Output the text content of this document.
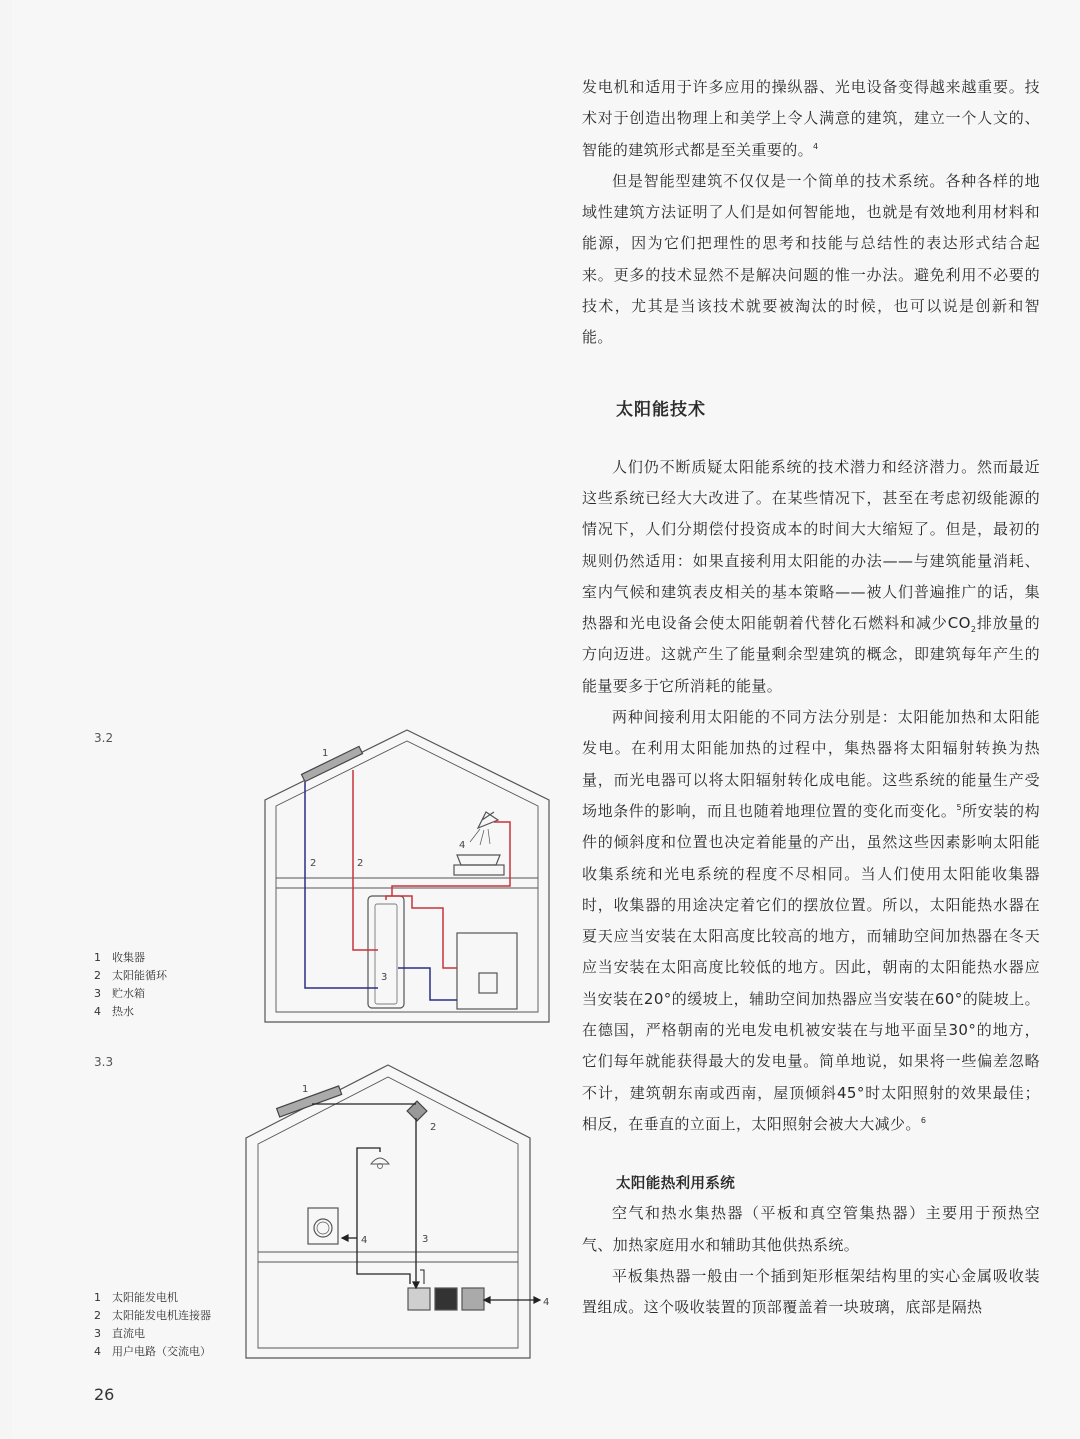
发电机和适用于许多应用的操纵器、光电设备变得越来越重要。技术对于创造出物理上和美学上令人满意的建筑，建立一个人文的、智能的建筑形式都是至关重要的。$^4$

但是智能型建筑不仅仅是一个简单的技术系统。各种各样的地域性建筑方法证明了人们是如何智能地，也就是有效地利用材料和能源，因为它们把理性的思考和技能与总结性的表达形式结合起来。更多的技术显然不是解决问题的惟一办法。避免利用不必要的技术，尤其是当该技术就要被淘汰的时候，也可以说是创新和智能。

太阳能技术

人们仍不断质疑太阳能系统的技术潜力和经济潜力。然而最近这些系统已经大大改进了。在某些情况下，甚至在考虑初级能源的情况下，人们分期偿付投资成本的时间大大缩短了。但是，最初的规则仍然适用：如果直接利用太阳能的办法——与建筑能量消耗、室内气候和建筑表皮相关的基本策略——被人们普遍推广的话，集热器和光电设备会使太阳能朝着代替化石燃料和减少$CO_2$排放量的方向迈进。这就产生了能量剩余型建筑的概念，即建筑每年产生的能量要多于它所消耗的能量。

两种间接利用太阳能的不同方法分别是：太阳能加热和太阳能发电。在利用太阳能加热的过程中，集热器将太阳辐射转换为热量，而光电器可以将太阳辐射转化成电能。这些系统的能量生产受场地条件的影响，而且也随着地理位置的变化而变化。$^5$所安装的构件的倾斜度和位置也决定着能量的产出，虽然这些因素影响太阳能收集系统和光电系统的程度不尽相同。当人们使用太阳能收集器时，收集器的用途决定着它们的摆放位置。所以，太阳能热水器在夏天应当安装在太阳高度比较高的地方，而辅助空间加热器在冬天应当安装在太阳高度比较低的地方。因此，朝南的太阳能热水器应当安装在20°的缓坡上，辅助空间加热器应当安装在60°的陡坡上。在德国，严格朝南的光电发电机被安装在与地平面呈30°的地方，它们每年就能获得最大的发电量。简单地说，如果将一些偏差忽略不计，建筑朝东南或西南，屋顶倾斜45°时太阳照射的效果最佳；相反，在垂直的立面上，太阳照射会被大大减少。$^6$

太阳能热利用系统

空气和热水集热器（平板和真空管集热器）主要用于预热空气、加热家庭用水和辅助其他供热系统。

平板集热器一般由一个插到矩形框架结构里的实心金属吸收装置组成。这个吸收装置的顶部覆盖着一块玻璃，底部是隔热

3.2
1 收集器
2 太阳能循环
3 贮水箱
4 热水
3.3
1 太阳能发电机
2 太阳能发电机连接器
3 直流电
4 用户电路（交流电）
26
1
2	2
3
4
1
2
3
4
4
